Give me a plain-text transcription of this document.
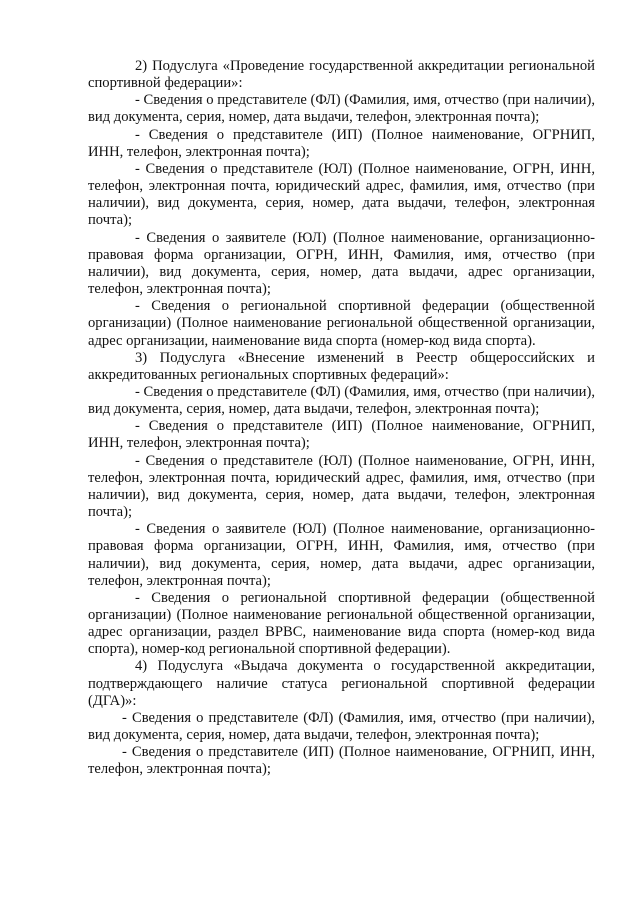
2) Подуслуга «Проведение государственной аккредитации региональной спортивной федерации»:

- Сведения о представителе (ФЛ) (Фамилия, имя, отчество (при наличии), вид документа, серия, номер, дата выдачи, телефон, электронная почта);

- Сведения о представителе (ИП) (Полное наименование, ОГРНИП, ИНН, телефон, электронная почта);

- Сведения о представителе (ЮЛ) (Полное наименование, ОГРН, ИНН, телефон, электронная почта, юридический адрес, фамилия, имя, отчество (при наличии), вид документа, серия, номер, дата выдачи, телефон, электронная почта);

- Сведения о заявителе (ЮЛ) (Полное наименование, организационно-правовая форма организации, ОГРН, ИНН, Фамилия, имя, отчество (при наличии), вид документа, серия, номер, дата выдачи, адрес организации, телефон, электронная почта);

- Сведения о региональной спортивной федерации (общественной организации) (Полное наименование региональной общественной организации, адрес организации, наименование вида спорта (номер-код вида спорта).

3) Подуслуга «Внесение изменений в Реестр общероссийских и аккредитованных региональных спортивных федераций»:

- Сведения о представителе (ФЛ) (Фамилия, имя, отчество (при наличии), вид документа, серия, номер, дата выдачи, телефон, электронная почта);

- Сведения о представителе (ИП) (Полное наименование, ОГРНИП, ИНН, телефон, электронная почта);

- Сведения о представителе (ЮЛ) (Полное наименование, ОГРН, ИНН, телефон, электронная почта, юридический адрес, фамилия, имя, отчество (при наличии), вид документа, серия, номер, дата выдачи, телефон, электронная почта);

- Сведения о заявителе (ЮЛ) (Полное наименование, организационно-правовая форма организации, ОГРН, ИНН, Фамилия, имя, отчество (при наличии), вид документа, серия, номер, дата выдачи, адрес организации, телефон, электронная почта);

- Сведения о региональной спортивной федерации (общественной организации) (Полное наименование региональной общественной организации, адрес организации, раздел ВРВС, наименование вида спорта (номер-код вида спорта), номер-код региональной спортивной федерации).

4) Подуслуга «Выдача документа о государственной аккредитации, подтверждающего наличие статуса региональной спортивной федерации (ДГА)»:

- Сведения о представителе (ФЛ) (Фамилия, имя, отчество (при наличии), вид документа, серия, номер, дата выдачи, телефон, электронная почта);

- Сведения о представителе (ИП) (Полное наименование, ОГРНИП, ИНН, телефон, электронная почта);
